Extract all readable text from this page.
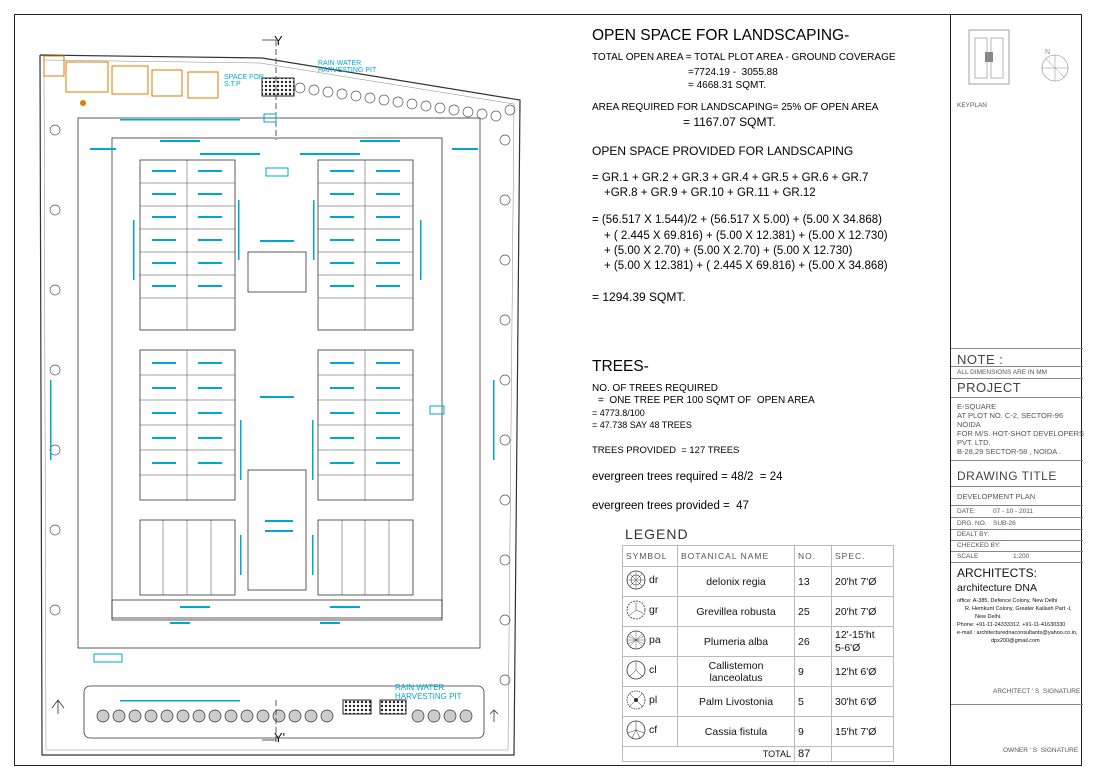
Y
Y'
RAIN WATER
HARVESTING PIT
SPACE FOR
S.T.P
RAIN WATER
HARVESTING PIT
OPEN SPACE FOR LANDSCAPING-
TOTAL OPEN AREA = TOTAL PLOT AREA - GROUND COVERAGE
=7724.19 -  3055.88
= 4668.31 SQMT.
AREA REQUIRED FOR LANDSCAPING= 25% OF OPEN AREA
= 1167.07 SQMT.
OPEN SPACE PROVIDED FOR LANDSCAPING
= GR.1 + GR.2 + GR.3 + GR.4 + GR.5 + GR.6 + GR.7
+GR.8 + GR.9 + GR.10 + GR.11 + GR.12
= (56.517 X 1.544)/2 + (56.517 X 5.00) + (5.00 X 34.868)
+ ( 2.445 X 69.816) + (5.00 X 12.381) + (5.00 X 12.730)
+ (5.00 X 2.70) + (5.00 X 2.70) + (5.00 X 12.730)
+ (5.00 X 12.381) + ( 2.445 X 69.816) + (5.00 X 34.868)
= 1294.39 SQMT.
TREES-
NO. OF TREES REQUIRED
=  ONE TREE PER 100 SQMT OF  OPEN AREA
= 4773.8/100
= 47.738 SAY 48 TREES
TREES PROVIDED  = 127 TREES
evergreen trees required = 48/2  = 24
evergreen trees provided =  47
LEGEND
SYMBOL	BOTANICAL NAME	NO.	SPEC.

dr	delonix regia	13	20'ht 7'Ø

gr	Grevillea robusta	25	20'ht 7'Ø

pa	Plumeria alba	26	12'-15'ht
5-6'Ø

cl	Callistemon
lanceolatus	9	12'ht 6'Ø

pl	Palm Livostonia	5	30'ht 6'Ø

cf	Cassia fistula	9	15'ht 7'Ø
TOTAL		87	
N
KEYPLAN
NOTE :
ALL DIMENSIONS ARE IN MM
PROJECT
E-SQUARE
AT PLOT NO. C-2, SECTOR-96
NOIDA
FOR M/S. HOT-SHOT DEVELOPERS
PVT. LTD.
B-28,29 SECTOR-58 , NOIDA .
DRAWING TITLE
DEVELOPMENT PLAN
DATE:	07 - 10 - 2011
DRG. NO. SUB-26
DEALT BY:
CHECKED BY:
SCALE	1:200
ARCHITECTS:
architecture DNA
office: A-385, Defence Colony, New Delhi
R. Hemkunt Colony, Greater Kailash Part -I,
New Delhi.
Phone: +91-11-24333312, +91-11-41630330
e-mail : architecturednaconsultants@yahoo.co.in,
dpx200@gmail.com
ARCHITECT ' S  SIGNATURE
OWNER ' S  SIGNATURE
